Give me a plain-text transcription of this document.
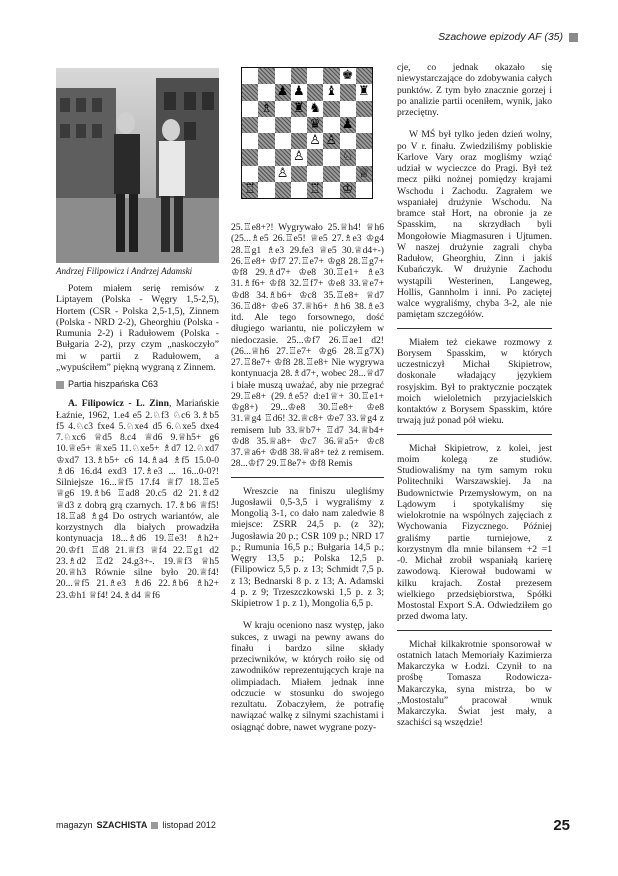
Szachowe epizody AF (35)
Andrzej Filipowicz i Andrzej Adamski
♚
♟ ♟ ♝ ♜
♗ ♜ ♞
♛ ♟
♙ ♙
♙	♘
♙	♕
♖	♖ ♔

Potem miałem serię remisów z Liptayem (Polska - Węgry 1,5-2,5), Hortem (CSR - Polska 2,5-1,5), Zinnem (Polska - NRD 2-2), Gheorghiu (Polska - Rumunia 2-2) i Radułowem (Polska - Bułgaria 2-2), przy czym „naskoczyło” mi w partii z Radułowem, a „wypuściłem” piękną wygraną z Zinnem.

Partia hiszpańska C63

A. Filipowicz - L. Zinn, Mariańskie Łaźnie, 1962, 1.e4 e5 2.♘f3 ♘c6 3.♗b5 f5 4.♘c3 fxe4 5.♘xe4 d5 6.♘xe5 dxe4 7.♘xc6 ♕d5 8.c4 ♕d6 9.♕h5+ g6 10.♕e5+ ♕xe5 11.♘xe5+ ♗d7 12.♘xd7 ♔xd7 13.♗b5+ c6 14.♗a4 ♗f5 15.0-0 ♗d6 16.d4 exd3 17.♗e3 ... 16...0-0?! Silniejsze 16...♕f5 17.f4 ♕f7 18.♖e5 ♕g6 19.♗b6 ♖ad8 20.c5 d2 21.♗d2 ♕d3 z dobrą grą czarnych. 17.♗b6 ♕f5! 18.♖a8 ♗g4 Do ostrych wariantów, ale korzystnych dla białych prowadziła kontynuacja 18...♗d6 19.♖e3! ♗h2+ 20.♔f1 ♖d8 21.♕f3 ♕f4 22.♖g1 d2 23.♗d2 ♖d2 24.g3+-. 19.♕f3 ♕h5 20.♕h3 Równie silne było 20.♕f4! 20...♕f5 21.♗e3 ♗d6 22.♗b6 ♗h2+ 23.♔h1 ♕f4! 24.♗d4 ♕f6

25.♖e8+?! Wygrywało 25.♕h4! ♕h6 (25...♗e5 26.♖e5! ♕e5 27.♗e3 ♔g4 28.♖g1 ♗e3 29.fe3 ♕e5 30.♕d4+-) 26.♖e8+ ♔f7 27.♖e7+ ♔g8 28.♖g7+ ♔f8 29.♗d7+ ♔e8 30.♖e1+ ♗e3 31.♗f6+ ♔f8 32.♖f7+ ♔e8 33.♕e7+ ♔d8 34.♗b6+ ♔c8 35.♖e8+ ♕d7 36.♖d8+ ♔e6 37.♕h6+ ♗h6 38.♗e3 itd. Ale tego forsownego, dość długiego wariantu, nie policzyłem w niedoczasie. 25...♔f7 26.♖ae1 d2! (26...♕h6 27.♖e7+ ♔g6 28.♖g7X) 27.♖8e7+ ♔f8 28.♖e8+ Nie wygrywa kontynuacja 28.♗d7+, wobec 28...♕d7 i białe muszą uważać, aby nie przegrać 29.♖e8+ (29.♗e5? d:e1♕+ 30.♖e1+ ♔g8+) 29...♔e8 30.♖e8+ ♔e8 31.♕g4 ♖d6! 32.♕c8+ ♔e7 33.♕g4 z remisem lub 33.♕b7+ ♖d7 34.♕b4+ ♔d8 35.♕a8+ ♔c7 36.♕a5+ ♔c8 37.♕a6+ ♔d8 38.♕a8+ też z remisem. 28...♔f7 29.♖8e7+ ♔f8 Remis

Wreszcie na finiszu ulegliśmy Jugosławii 0,5-3,5 i wygraliśmy z Mongolią 3-1, co dało nam zaledwie 8 miejsce: ZSRR 24,5 p. (z 32); Jugosławia 20 p.; CSR 109 p.; NRD 17 p.; Rumunia 16,5 p.; Bułgaria 14,5 p.; Węgry 13,5 p.; Polska 12,5 p. (Filipowicz 5,5 p. z 13; Schmidt 7,5 p. z 13; Bednarski 8 p. z 13; A. Adamski 4 p. z 9; Trzeszczkowski 1,5 p. z 3; Skipietrow 1 p. z 1), Mongolia 6,5 p.

W kraju oceniono nasz występ, jako sukces, z uwagi na pewny awans do finału i bardzo silne składy przeciwników, w których roiło się od zawodników reprezentujących kraje na olimpiadach. Miałem jednak inne odczucie w stosunku do swojego rezultatu. Zobaczyłem, że potrafię nawiązać walkę z silnymi szachistami i osiągnąć dobre, nawet wygrane pozy-

cje, co jednak okazało się niewystarczające do zdobywania całych punktów. Z tym było znacznie gorzej i po analizie partii oceniłem, wynik, jako przeciętny.

W MŚ był tylko jeden dzień wolny, po V r. finału. Zwiedziliśmy pobliskie Karlove Vary oraz mogliśmy wziąć udział w wycieczce do Pragi. Był też mecz piłki nożnej pomiędzy krajami Wschodu i Zachodu. Zagrałem we wspaniałej drużynie Wschodu. Na bramce stał Hort, na obronie ja ze Spasskim, na skrzydłach byli Mongołowie Miagmasuren i Ujtumen. W naszej drużynie zagrali chyba Radułow, Gheorghiu, Zinn i jakiś Kubańczyk. W drużynie Zachodu wystąpili Westerinen, Langeweg, Hollis, Gannholm i inni. Po zaciętej walce wygraliśmy, chyba 3-2, ale nie pamiętam szczegółów.

Miałem też ciekawe rozmowy z Borysem Spasskim, w których uczestniczył Michał Skipietrow, doskonale władający językiem rosyjskim. Był to praktycznie początek moich wieloletnich przyjacielskich kontaktów z Borysem Spasskim, które trwają już ponad pół wieku.

Michał Skipietrow, z kolei, jest moim kolegą ze studiów. Studiowaliśmy na tym samym roku Politechniki Warszawskiej. Ja na Budownictwie Przemysłowym, on na Lądowym i spotykaliśmy się wielokrotnie na wspólnych zajęciach z Wychowania Fizycznego. Później graliśmy partie turniejowe, z korzystnym dla mnie bilansem +2 =1 -0. Michał zrobił wspaniałą karierę zawodową. Kierował budowami w kilku krajach. Został prezesem wielkiego przedsiębiorstwa, Spółki Mostostal Export S.A. Odwiedziłem go przed dwoma laty.

Michał kilkakrotnie sponsorował w ostatnich latach Memoriały Kazimierza Makarczyka w Łodzi. Czynił to na prośbę Tomasza Rodowicza-Makarczyka, syna mistrza, bo w „Mostostalu” pracował wnuk Makarczyka. Świat jest mały, a szachiści są wszędzie!

magazyn SZACHISTA listopad 2012	25
